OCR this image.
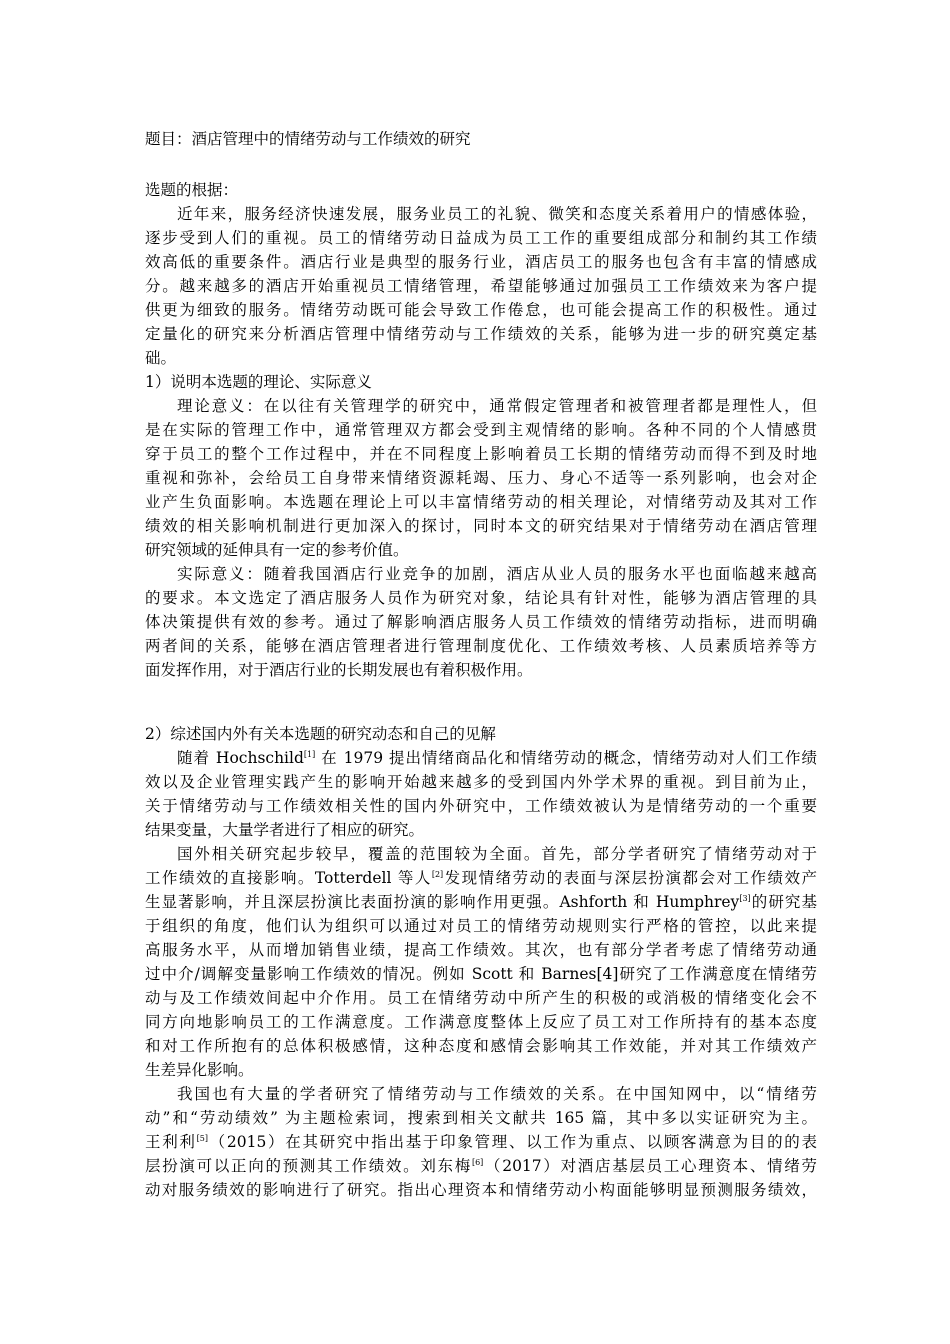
题目：酒店管理中的情绪劳动与工作绩效的研究
选题的根据：
近年来，服务经济快速发展，服务业员工的礼貌、微笑和态度关系着用户的情感体验，
逐步受到人们的重视。员工的情绪劳动日益成为员工工作的重要组成部分和制约其工作绩
效高低的重要条件。酒店行业是典型的服务行业，酒店员工的服务也包含有丰富的情感成
分。越来越多的酒店开始重视员工情绪管理，希望能够通过加强员工工作绩效来为客户提
供更为细致的服务。情绪劳动既可能会导致工作倦怠，也可能会提高工作的积极性。通过
定量化的研究来分析酒店管理中情绪劳动与工作绩效的关系，能够为进一步的研究奠定基
础。
1）说明本选题的理论、实际意义
理论意义：在以往有关管理学的研究中，通常假定管理者和被管理者都是理性人，但
是在实际的管理工作中，通常管理双方都会受到主观情绪的影响。各种不同的个人情感贯
穿于员工的整个工作过程中，并在不同程度上影响着员工长期的情绪劳动而得不到及时地
重视和弥补，会给员工自身带来情绪资源耗竭、压力、身心不适等一系列影响，也会对企
业产生负面影响。本选题在理论上可以丰富情绪劳动的相关理论，对情绪劳动及其对工作
绩效的相关影响机制进行更加深入的探讨，同时本文的研究结果对于情绪劳动在酒店管理
研究领域的延伸具有一定的参考价值。
实际意义：随着我国酒店行业竞争的加剧，酒店从业人员的服务水平也面临越来越高
的要求。本文选定了酒店服务人员作为研究对象，结论具有针对性，能够为酒店管理的具
体决策提供有效的参考。通过了解影响酒店服务人员工作绩效的情绪劳动指标，进而明确
两者间的关系，能够在酒店管理者进行管理制度优化、工作绩效考核、人员素质培养等方
面发挥作用，对于酒店行业的长期发展也有着积极作用。
2）综述国内外有关本选题的研究动态和自己的见解
随着 Hochschild[1] 在 1979 提出情绪商品化和情绪劳动的概念，情绪劳动对人们工作绩
效以及企业管理实践产生的影响开始越来越多的受到国内外学术界的重视。到目前为止，
关于情绪劳动与工作绩效相关性的国内外研究中，工作绩效被认为是情绪劳动的一个重要
结果变量，大量学者进行了相应的研究。
国外相关研究起步较早，覆盖的范围较为全面。首先，部分学者研究了情绪劳动对于
工作绩效的直接影响。Totterdell 等人[2]发现情绪劳动的表面与深层扮演都会对工作绩效产
生显著影响，并且深层扮演比表面扮演的影响作用更强。Ashforth 和 Humphrey[3]的研究基
于组织的角度，他们认为组织可以通过对员工的情绪劳动规则实行严格的管控，以此来提
高服务水平，从而增加销售业绩，提高工作绩效。其次，也有部分学者考虑了情绪劳动通
过中介/调解变量影响工作绩效的情况。例如 Scott 和 Barnes[4]研究了工作满意度在情绪劳
动与及工作绩效间起中介作用。员工在情绪劳动中所产生的积极的或消极的情绪变化会不
同方向地影响员工的工作满意度。工作满意度整体上反应了员工对工作所持有的基本态度
和对工作所抱有的总体积极感情，这种态度和感情会影响其工作效能，并对其工作绩效产
生差异化影响。
我国也有大量的学者研究了情绪劳动与工作绩效的关系。在中国知网中，以“情绪劳
动”和“劳动绩效” 为主题检索词，搜索到相关文献共 165 篇，其中多以实证研究为主。
王利利[5]（2015）在其研究中指出基于印象管理、以工作为重点、以顾客满意为目的的表
层扮演可以正向的预测其工作绩效。刘东梅[6]（2017）对酒店基层员工心理资本、情绪劳
动对服务绩效的影响进行了研究。指出心理资本和情绪劳动小构面能够明显预测服务绩效，
